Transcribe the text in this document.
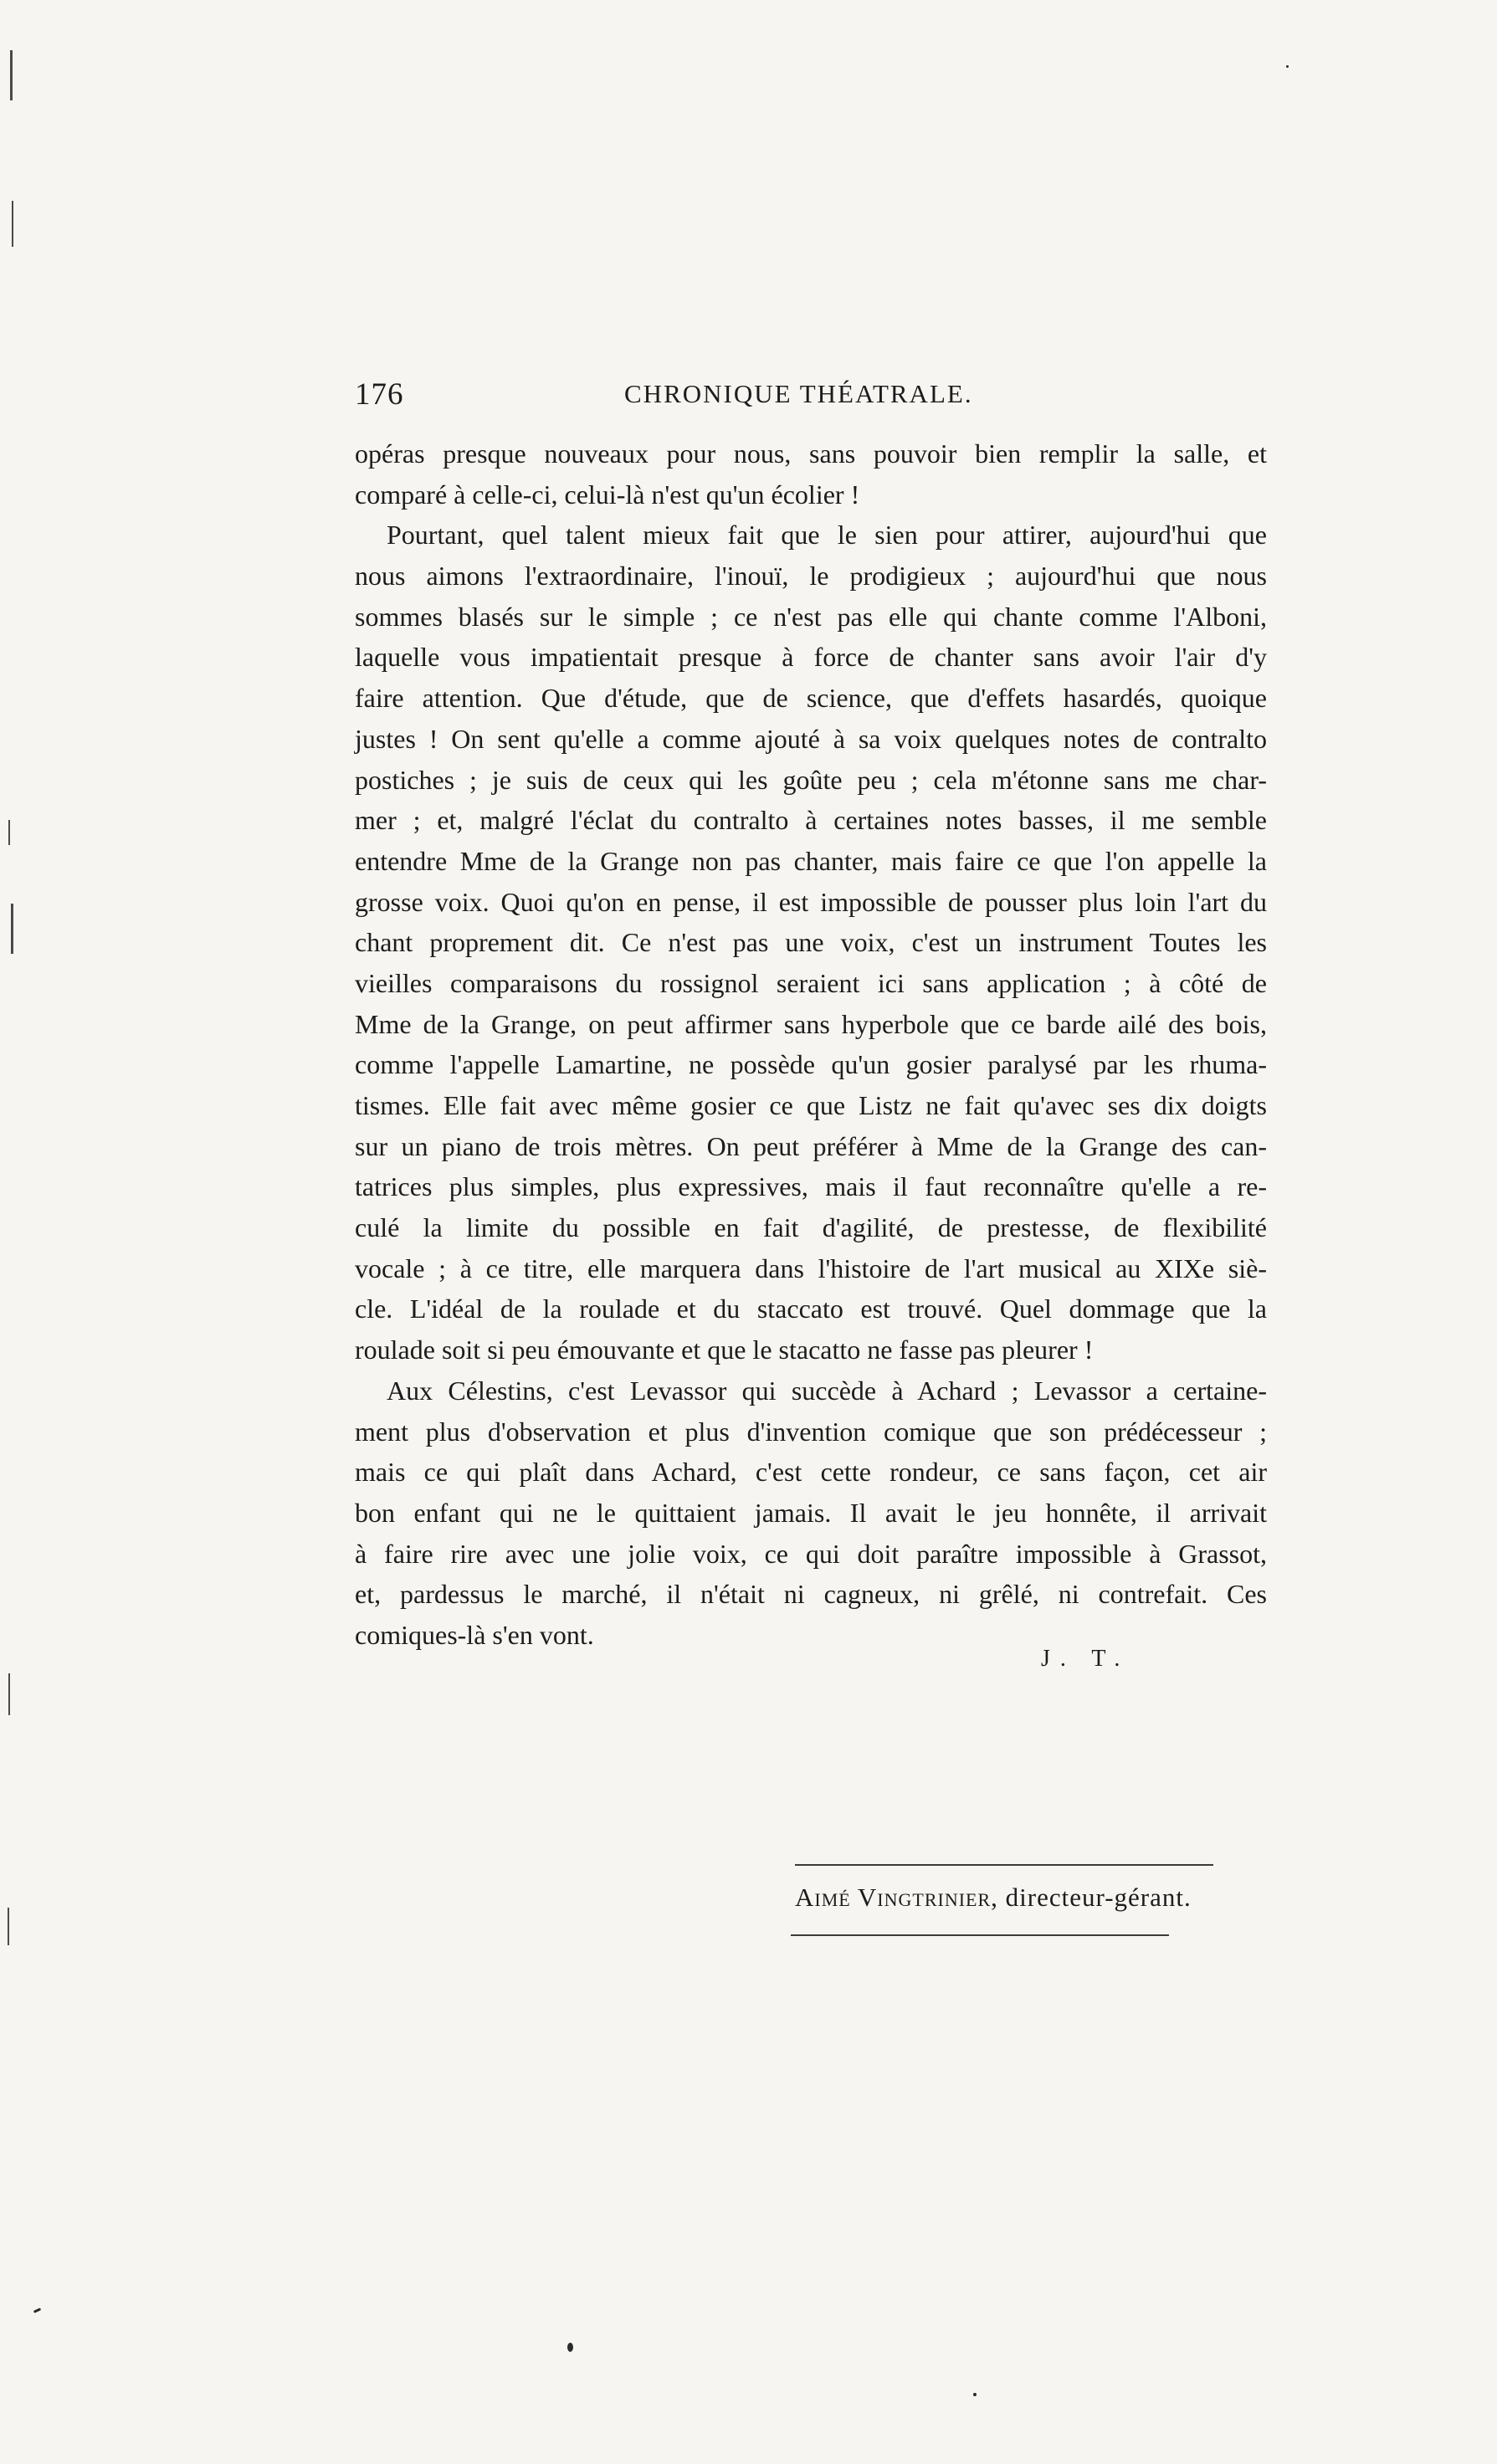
176	CHRONIQUE THÉATRALE.
opéras presque nouveaux pour nous, sans pouvoir bien remplir la salle, et
comparé à celle-ci, celui-là n'est qu'un écolier !
Pourtant, quel talent mieux fait que le sien pour attirer, aujourd'hui que
nous aimons l'extraordinaire, l'inouï, le prodigieux ; aujourd'hui que nous
sommes blasés sur le simple ; ce n'est pas elle qui chante comme l'Alboni,
laquelle vous impatientait presque à force de chanter sans avoir l'air d'y
faire attention. Que d'étude, que de science, que d'effets hasardés, quoique
justes ! On sent qu'elle a comme ajouté à sa voix quelques notes de contralto
postiches ; je suis de ceux qui les goûte peu ; cela m'étonne sans me char-
mer ; et, malgré l'éclat du contralto à certaines notes basses, il me semble
entendre Mme de la Grange non pas chanter, mais faire ce que l'on appelle la
grosse voix. Quoi qu'on en pense, il est impossible de pousser plus loin l'art du
chant proprement dit. Ce n'est pas une voix, c'est un instrument Toutes les
vieilles comparaisons du rossignol seraient ici sans application ; à côté de
Mme de la Grange, on peut affirmer sans hyperbole que ce barde ailé des bois,
comme l'appelle Lamartine, ne possède qu'un gosier paralysé par les rhuma-
tismes. Elle fait avec même gosier ce que Listz ne fait qu'avec ses dix doigts
sur un piano de trois mètres. On peut préférer à Mme de la Grange des can-
tatrices plus simples, plus expressives, mais il faut reconnaître qu'elle a re-
culé la limite du possible en fait d'agilité, de prestesse, de flexibilité
vocale ; à ce titre, elle marquera dans l'histoire de l'art musical au XIXe siè-
cle. L'idéal de la roulade et du staccato est trouvé. Quel dommage que la
roulade soit si peu émouvante et que le stacatto ne fasse pas pleurer !
Aux Célestins, c'est Levassor qui succède à Achard ; Levassor a certaine-
ment plus d'observation et plus d'invention comique que son prédécesseur ;
mais ce qui plaît dans Achard, c'est cette rondeur, ce sans façon, cet air
bon enfant qui ne le quittaient jamais. Il avait le jeu honnête, il arrivait
à faire rire avec une jolie voix, ce qui doit paraître impossible à Grassot,
et, pardessus le marché, il n'était ni cagneux, ni grêlé, ni contrefait. Ces
comiques-là s'en vont.
J. T.
Aimé Vingtrinier, directeur-gérant.
